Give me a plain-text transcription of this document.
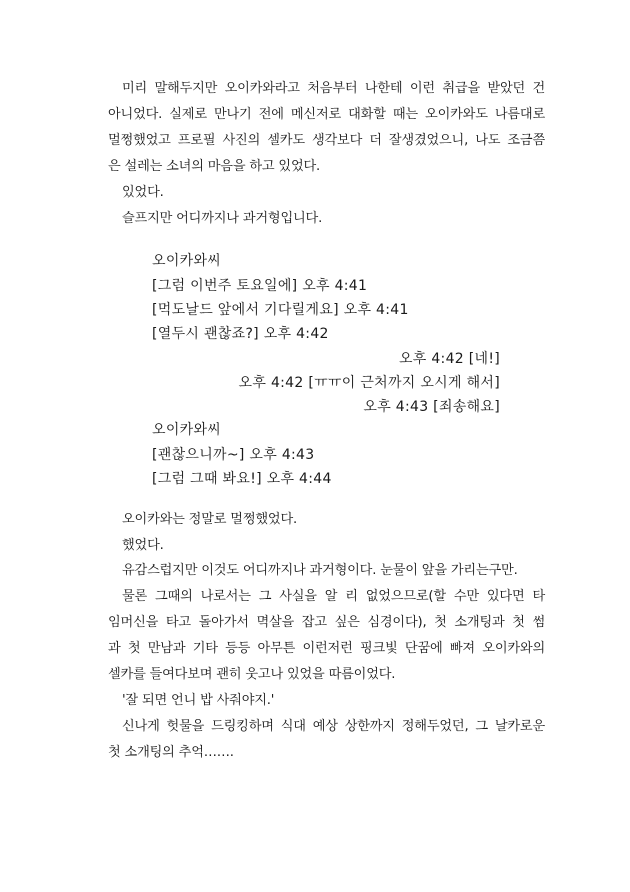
미리 말해두지만 오이카와라고 처음부터 나한테 이런 취급을 받았던 건
아니었다. 실제로 만나기 전에 메신저로 대화할 때는 오이카와도 나름대로
멀쩡했었고 프로필 사진의 셀카도 생각보다 더 잘생겼었으니, 나도 조금쯤
은 설레는 소녀의 마음을 하고 있었다.
있었다.
슬프지만 어디까지나 과거형입니다.
오이카와씨
[그럼 이번주 토요일에] 오후 4:41
[먹도날드 앞에서 기다릴게요] 오후 4:41
[열두시 괜찮죠?] 오후 4:42
오후 4:42 [네!]
오후 4:42 [ㅠㅠ이 근처까지 오시게 해서]
오후 4:43 [죄송해요]
오이카와씨
[괜찮으니까~] 오후 4:43
[그럼 그때 봐요!] 오후 4:44
오이카와는 정말로 멀쩡했었다.
했었다.
유감스럽지만 이것도 어디까지나 과거형이다. 눈물이 앞을 가리는구만.
물론 그때의 나로서는 그 사실을 알 리 없었으므로(할 수만 있다면 타
임머신을 타고 돌아가서 멱살을 잡고 싶은 심경이다), 첫 소개팅과 첫 썸
과 첫 만남과 기타 등등 아무튼 이런저런 핑크빛 단꿈에 빠져 오이카와의
셀카를 들여다보며 괜히 웃고나 있었을 따름이었다.
'잘 되면 언니 밥 사줘야지.'
신나게 헛물을 드링킹하며 식대 예상 상한까지 정해두었던, 그 날카로운
첫 소개팅의 추억…….
